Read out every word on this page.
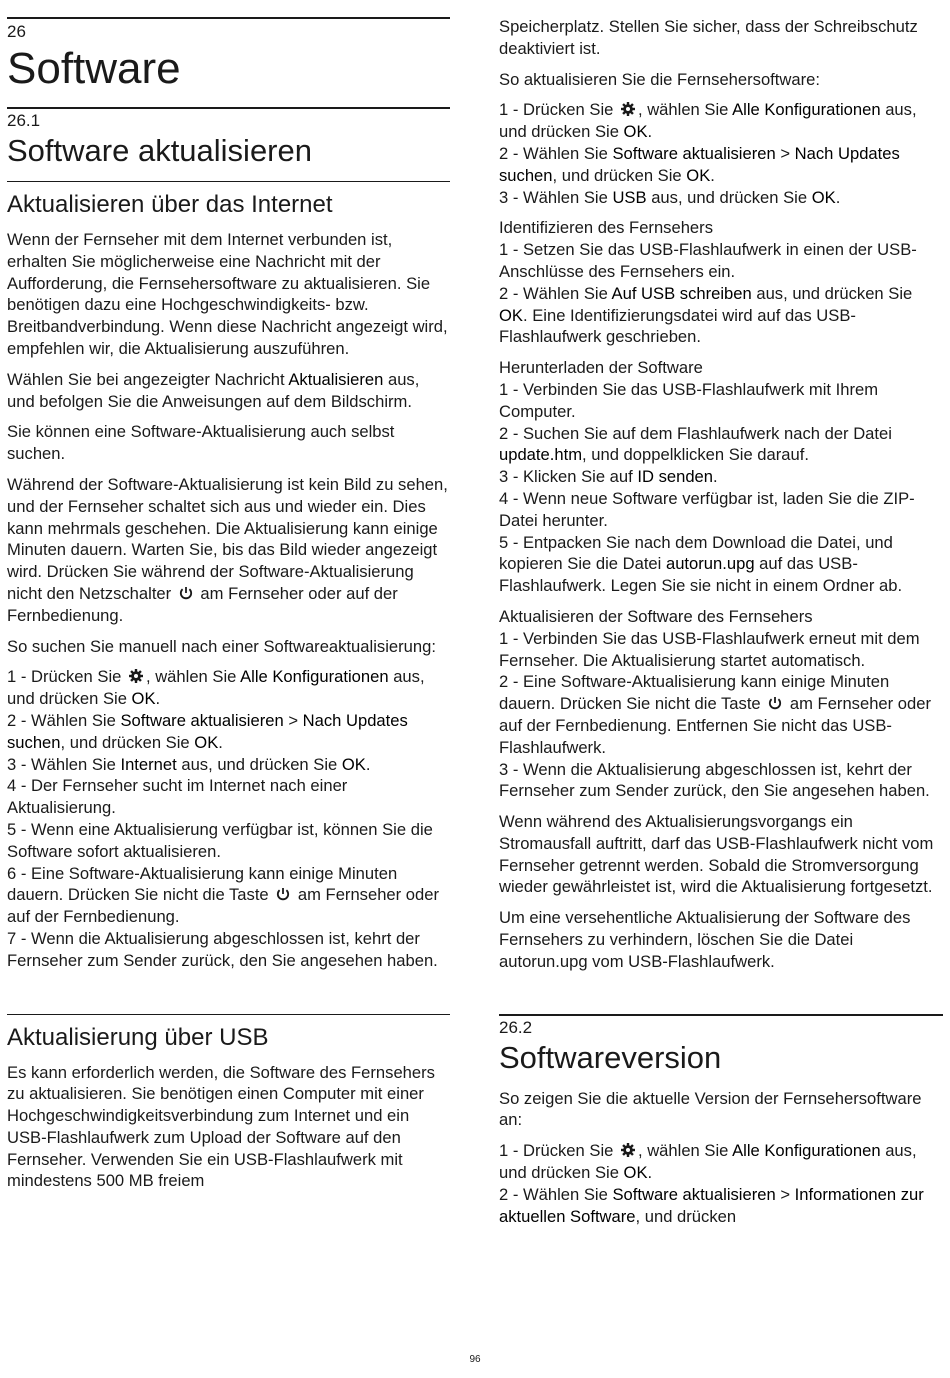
26
Software
26.1
Software aktualisieren
Aktualisieren über das Internet

Wenn der Fernseher mit dem Internet verbunden ist, erhalten Sie möglicherweise eine Nachricht mit der Aufforderung, die Fernsehersoftware zu aktualisieren. Sie benötigen dazu eine Hochgeschwindigkeits- bzw. Breitbandverbindung. Wenn diese Nachricht angezeigt wird, empfehlen wir, die Aktualisierung auszuführen.

Wählen Sie bei angezeigter Nachricht Aktualisieren aus, und befolgen Sie die Anweisungen auf dem Bildschirm.

Sie können eine Software-Aktualisierung auch selbst suchen.

Während der Software-Aktualisierung ist kein Bild zu sehen, und der Fernseher schaltet sich aus und wieder ein. Dies kann mehrmals geschehen. Die Aktualisierung kann einige Minuten dauern. Warten Sie, bis das Bild wieder angezeigt wird. Drücken Sie während der Software-Aktualisierung nicht den Netzschalter  am Fernseher oder auf der Fernbedienung.

So suchen Sie manuell nach einer Softwareaktualisierung:

1 - Drücken Sie , wählen Sie Alle Konfigurationen aus, und drücken Sie OK.

2 - Wählen Sie Software aktualisieren > Nach Updates suchen, und drücken Sie OK.

3 - Wählen Sie Internet aus, und drücken Sie OK.

4 - Der Fernseher sucht im Internet nach einer Aktualisierung.

5 - Wenn eine Aktualisierung verfügbar ist, können Sie die Software sofort aktualisieren.

6 - Eine Software-Aktualisierung kann einige Minuten dauern. Drücken Sie nicht die Taste  am Fernseher oder auf der Fernbedienung.

7 - Wenn die Aktualisierung abgeschlossen ist, kehrt der Fernseher zum Sender zurück, den Sie angesehen haben.

Aktualisierung über USB

Es kann erforderlich werden, die Software des Fernsehers zu aktualisieren. Sie benötigen einen Computer mit einer Hochgeschwindigkeitsverbindung zum Internet und ein USB-Flashlaufwerk zum Upload der Software auf den Fernseher. Verwenden Sie ein USB-Flashlaufwerk mit mindestens 500 MB freiem

Speicherplatz. Stellen Sie sicher, dass der Schreibschutz deaktiviert ist.

So aktualisieren Sie die Fernsehersoftware:

1 - Drücken Sie , wählen Sie Alle Konfigurationen aus, und drücken Sie OK.

2 - Wählen Sie Software aktualisieren > Nach Updates suchen, und drücken Sie OK.

3 - Wählen Sie USB aus, und drücken Sie OK.

Identifizieren des Fernsehers

1 - Setzen Sie das USB-Flashlaufwerk in einen der USB-Anschlüsse des Fernsehers ein.

2 - Wählen Sie Auf USB schreiben aus, und drücken Sie OK. Eine Identifizierungsdatei wird auf das USB-Flashlaufwerk geschrieben.

Herunterladen der Software

1 - Verbinden Sie das USB-Flashlaufwerk mit Ihrem Computer.

2 - Suchen Sie auf dem Flashlaufwerk nach der Datei update.htm, und doppelklicken Sie darauf.

3 - Klicken Sie auf ID senden.

4 - Wenn neue Software verfügbar ist, laden Sie die ZIP-Datei herunter.

5 - Entpacken Sie nach dem Download die Datei, und kopieren Sie die Datei autorun.upg auf das USB-Flashlaufwerk. Legen Sie sie nicht in einem Ordner ab.

Aktualisieren der Software des Fernsehers

1 - Verbinden Sie das USB-Flashlaufwerk erneut mit dem Fernseher. Die Aktualisierung startet automatisch.

2 - Eine Software-Aktualisierung kann einige Minuten dauern. Drücken Sie nicht die Taste  am Fernseher oder auf der Fernbedienung. Entfernen Sie nicht das USB-Flashlaufwerk.

3 - Wenn die Aktualisierung abgeschlossen ist, kehrt der Fernseher zum Sender zurück, den Sie angesehen haben.

Wenn während des Aktualisierungsvorgangs ein Stromausfall auftritt, darf das USB-Flashlaufwerk nicht vom Fernseher getrennt werden. Sobald die Stromversorgung wieder gewährleistet ist, wird die Aktualisierung fortgesetzt.

Um eine versehentliche Aktualisierung der Software des Fernsehers zu verhindern, löschen Sie die Datei autorun.upg vom USB-Flashlaufwerk.

26.2
Softwareversion

So zeigen Sie die aktuelle Version der Fernsehersoftware an:

1 - Drücken Sie , wählen Sie Alle Konfigurationen aus, und drücken Sie OK.

2 - Wählen Sie Software aktualisieren > Informationen zur aktuellen Software, und drücken

96
